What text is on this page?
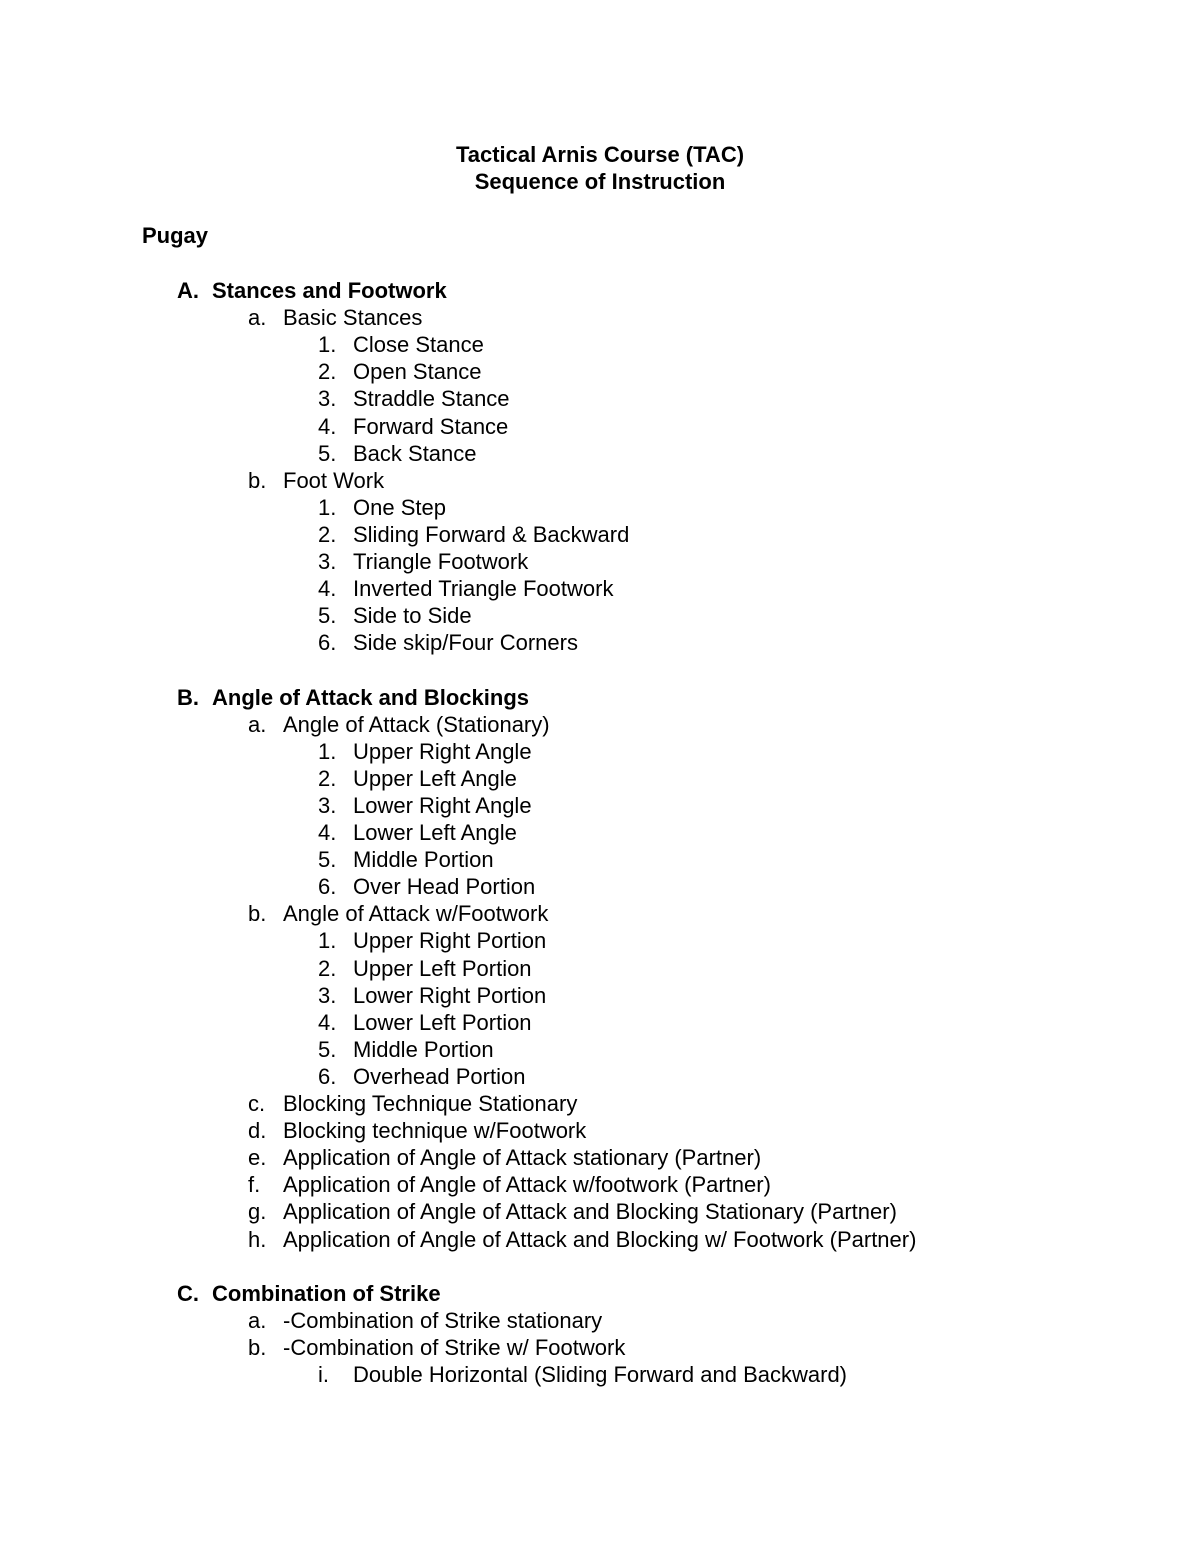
Tactical Arnis Course (TAC)
Sequence of Instruction
Pugay
A. Stances and Footwork
a. Basic Stances
1. Close Stance
2. Open Stance
3. Straddle Stance
4. Forward Stance
5. Back Stance
b. Foot Work
1. One Step
2. Sliding Forward & Backward
3. Triangle Footwork
4. Inverted Triangle Footwork
5. Side to Side
6. Side skip/Four Corners
B. Angle of Attack and Blockings
a. Angle of Attack (Stationary)
1. Upper Right Angle
2. Upper Left Angle
3. Lower Right Angle
4. Lower Left Angle
5. Middle Portion
6. Over Head Portion
b. Angle of Attack w/Footwork
1. Upper Right Portion
2. Upper Left Portion
3. Lower Right Portion
4. Lower Left Portion
5. Middle Portion
6. Overhead Portion
c. Blocking Technique Stationary
d. Blocking technique w/Footwork
e. Application of Angle of Attack stationary (Partner)
f. Application of Angle of Attack w/footwork (Partner)
g. Application of Angle of Attack and Blocking Stationary (Partner)
h. Application of Angle of Attack and Blocking w/ Footwork (Partner)
C. Combination of Strike
a. -Combination of Strike stationary
b. -Combination of Strike w/ Footwork
i. Double Horizontal (Sliding Forward and Backward)
